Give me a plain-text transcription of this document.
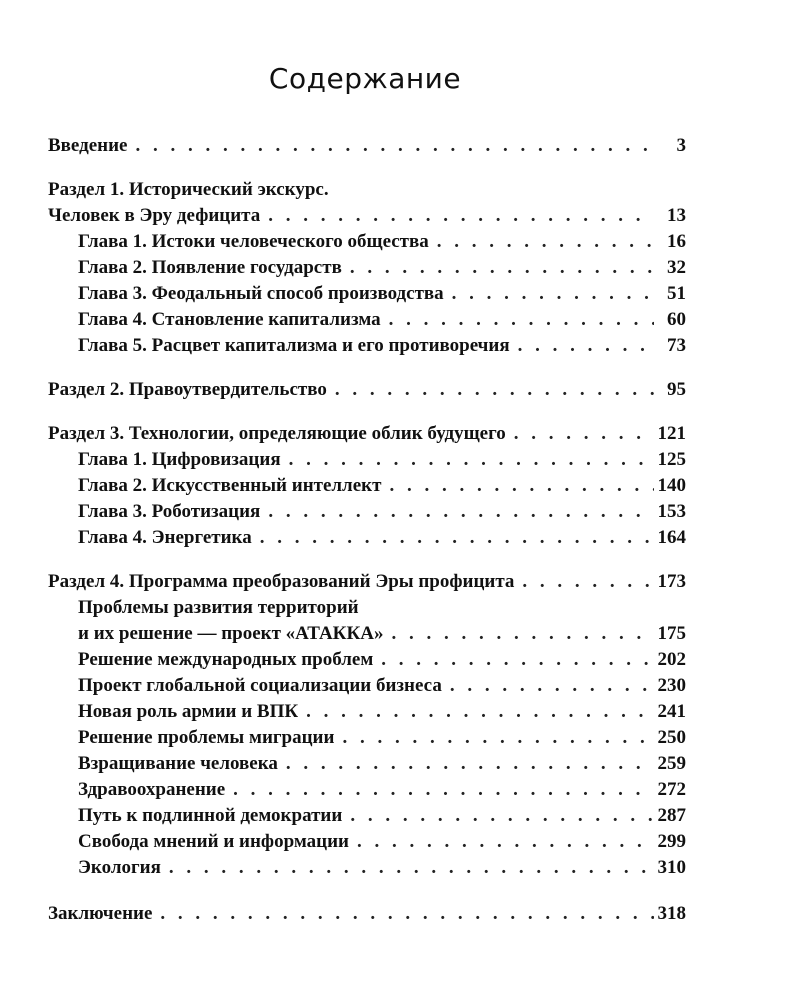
Содержание
Введение . . .	3
Раздел 1. Исторический экскурс.
Человек в Эру дефицита . . .	13
Глава 1. Истоки человеческого общества . . .	16
Глава 2. Появление государств . . .	32
Глава 3. Феодальный способ производства . . .	51
Глава 4. Становление капитализма . . .	60
Глава 5. Расцвет капитализма и его противоречия . . .	73
Раздел 2. Правоутвердительство . . .	95
Раздел 3. Технологии, определяющие облик будущего . . .	121
Глава 1. Цифровизация . . .	125
Глава 2. Искусственный интеллект . . .	140
Глава 3. Роботизация . . .	153
Глава 4. Энергетика . . .	164
Раздел 4. Программа преобразований Эры профицита . . .	173
Проблемы развития территорий
и их решение — проект «АТАККА» . . .	175
Решение международных проблем . . .	202
Проект глобальной социализации бизнеса . . .	230
Новая роль армии и ВПК . . .	241
Решение проблемы миграции . . .	250
Взращивание человека . . .	259
Здравоохранение . . .	272
Путь к подлинной демократии . . .	287
Свобода мнений и информации . . .	299
Экология . . .	310
Заключение . . .	318
